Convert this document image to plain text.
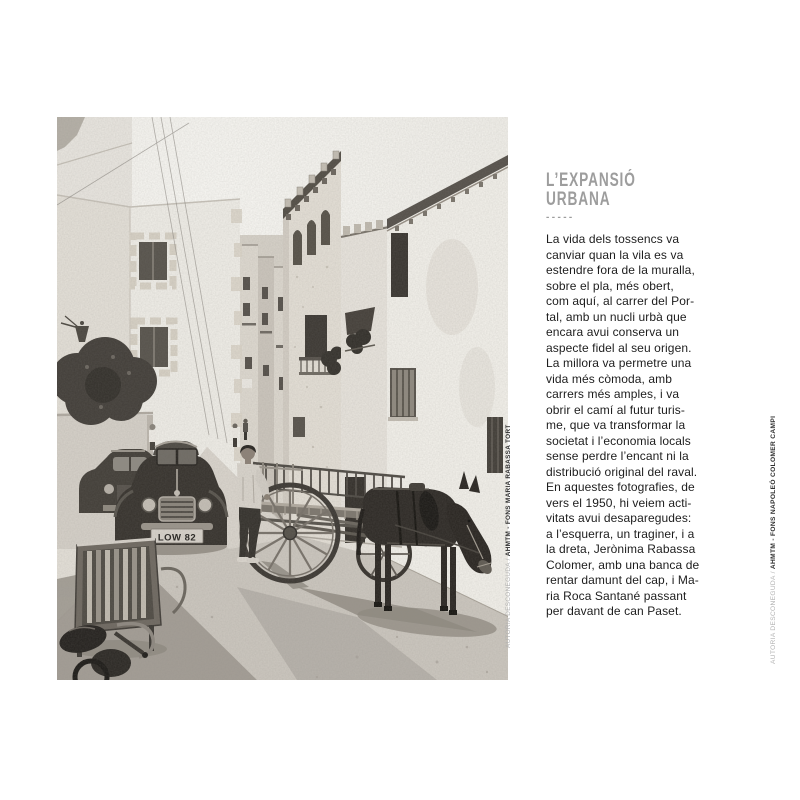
AUTORIA DESCONEGUDA / AHMTM - FONS MARIA RABASSA TORT
L’EXPANSIÓ
URBANA
-----
La vida dels tossencs va
canviar quan la vila es va
estendre fora de la muralla,
sobre el pla, més obert,
com aquí, al carrer del Por-
tal, amb un nucli urbà que
encara avui conserva un
aspecte fidel al seu origen.
La millora va permetre una
vida més còmoda, amb
carrers més amples, i va
obrir el camí al futur turis-
me, que va transformar la
societat i l’economia locals
sense perdre l’encant ni la
distribució original del raval.
En aquestes fotografies, de
vers el 1950, hi veiem acti-
vitats avui desaparegudes:
a l’esquerra, un traginer, i a
la dreta, Jerònima Rabassa
Colomer, amb una banca de
rentar damunt del cap, i Ma-
ria Roca Santané passant
per davant de can Paset.	AUTORIA DESCONEGUDA / AHMTM - FONS NAPOLEÓ COLOMER CAMPI
